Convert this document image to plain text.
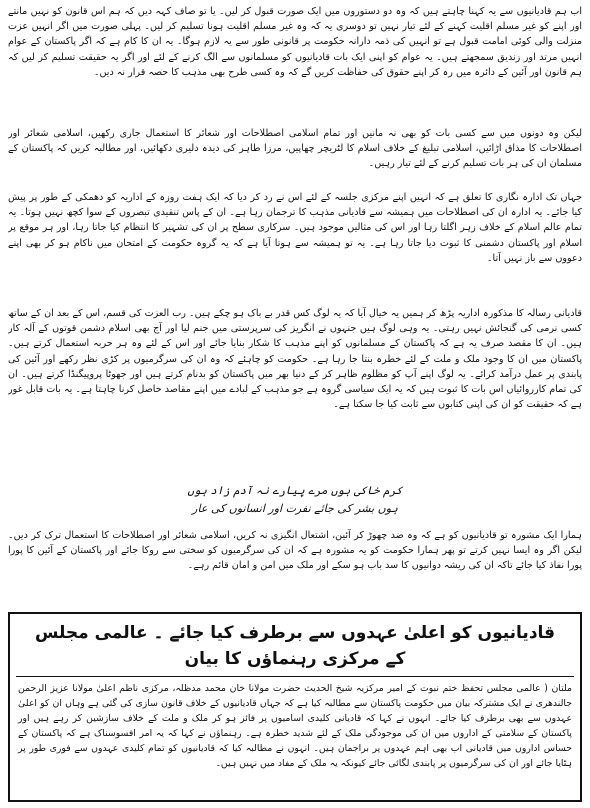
اب ہم قادیانیوں سے یہ کہنا چاہتے ہیں کہ وہ دو دستوروں میں ایک صورت قبول کر لیں۔ یا تو صاف کہہ دیں کہ ہم اس قانون کو نہیں مانتے اور اپنے کو غیر مسلم اقلیت کہنے کے لئے تیار نہیں تو دوسری یہ کہ وہ غیر مسلم اقلیت ہونا تسلیم کر لیں۔ پہلی صورت میں اگر انہیں عزت منزلت والی کوئی امامت قبول ہے تو انہیں کی ذمہ دارانہ حکومت پر قانونی طور سے یہ لازم ہوگا۔ یہ ان کا کام ہے کہ اگر پاکستان کے عوام انہیں مرتد اور زندیق سمجھتے ہیں۔ یہ عوام کو اپنی ایک بات قادیانیوں کو مسلمانوں سے الگ کرنے کے لئے اور اگر یہ حقیقت تسلیم کر لیں کہ ہم قانون اور آئین کے دائرہ میں رہ کر اپنے حقوق کی حفاظت کریں گے کہ وہ کسی طرح بھی مذہب کا حصہ قرار نہ دیں۔

لیکن وہ دونوں میں سے کسی بات کو بھی نہ مانیں اور تمام اسلامی اصطلاحات اور شعائر کا استعمال جاری رکھیں، اسلامی شعائر اور اصطلاحات کا مذاق اڑائیں، اسلامی تبلیغ کے خلاف اسلام کا لٹریچر چھاپیں، مرزا طاہر کی دیدہ دلیری دکھائیں، اور مطالبہ کریں کہ پاکستان کے مسلمان ان کی ہر بات تسلیم کرنے کے لئے تیار رہیں۔

جہاں تک ادارہ نگاری کا تعلق ہے کہ انہیں اپنے مرکزی جلسہ کے لئے اس نے رد کر دیا کہ ایک ہفت روزہ کے اداریہ کو دھمکی کے طور پر پیش کیا جائے۔ یہ ادارہ ان کی اصطلاحات میں ہمیشہ سے قادیانی مذہب کا ترجمان رہا ہے۔ ان کے پاس تنقیدی تبصروں کے سوا کچھ نہیں ہوتا۔ یہ تمام عالم اسلام کے خلاف زہر اگلتا رہا اور اس کی مثالیں موجود ہیں۔ سرکاری سطح پر ان کی تشہیر کا انتظام کیا جاتا رہا، اور ہر موقع پر اسلام اور پاکستان دشمنی کا ثبوت دیا جاتا رہا ہے۔ یہ تو ہمیشہ سے ہوتا آیا ہے کہ یہ گروہ حکومت کے امتحان میں ناکام ہو کر بھی اپنے دعووں سے باز نہیں آتا۔

قادیانی رسالہ کا مذکورہ اداریہ پڑھ کر ہمیں یہ خیال آیا کہ یہ لوگ کس قدر بے باک ہو چکے ہیں۔ رب العزت کی قسم، اس کے بعد ان کے ساتھ کسی نرمی کی گنجائش نہیں رہتی۔ یہ وہی لوگ ہیں جنہوں نے انگریز کی سرپرستی میں جنم لیا اور آج بھی اسلام دشمن قوتوں کے آلہ کار ہیں۔ ان کا مقصد صرف یہ ہے کہ پاکستان کے مسلمانوں کو اپنے مذہب کا شکار بنایا جائے اور اس کے لئے وہ ہر حربہ استعمال کرتے ہیں۔ پاکستان میں ان کا وجود ملک و ملت کے لئے خطرہ بنتا جا رہا ہے۔ حکومت کو چاہئے کہ وہ ان کی سرگرمیوں پر کڑی نظر رکھے اور آئین کی پابندی پر عمل درآمد کرائے۔ یہ لوگ اپنے آپ کو مظلوم ظاہر کر کے دنیا بھر میں پاکستان کو بدنام کرتے ہیں اور جھوٹا پروپیگنڈا کرتے ہیں۔ ان کی تمام کارروائیاں اس بات کا ثبوت ہیں کہ یہ ایک سیاسی گروہ ہے جو مذہب کے لبادے میں اپنے مقاصد حاصل کرنا چاہتا ہے۔ یہ بات قابل غور ہے کہ حقیقت کو ان کی اپنی کتابوں سے ثابت کیا جا سکتا ہے۔

کرم خاکی ہوں مرے پیارے نہ آدم زاد ہوں
ہوں بشر کی جائے نفرت اور انسانوں کی عار

ہمارا ایک مشورہ تو قادیانیوں کو ہے کہ وہ ضد چھوڑ کر آئین، اشتعال انگیزی نہ کریں، اسلامی شعائر اور اصطلاحات کا استعمال ترک کر دیں۔ لیکن اگر وہ ایسا نہیں کرتے تو پھر ہمارا حکومت کو یہ مشورہ ہے کہ ان کی سرگرمیوں کو سختی سے روکا جائے اور پاکستان کے آئین کا پورا پورا نفاذ کیا جائے تاکہ ان کی ریشہ دوانیوں کا سد باب ہو سکے اور ملک میں امن و امان قائم رہے۔

قادیانیوں کو اعلیٰ عہدوں سے برطرف کیا جائے ۔ عالمی مجلس کے مرکزی رہنماؤں کا بیان
ملتان ( عالمی مجلس تحفظ ختم نبوت کے امیر مرکزیہ شیخ الحدیث حضرت مولانا خان محمد مدظلہ، مرکزی ناظم اعلیٰ مولانا عزیز الرحمن جالندھری نے ایک مشترکہ بیان میں حکومت پاکستان سے مطالبہ کیا ہے کہ جہاں قادیانیوں کے خلاف قانون سازی کی گئی ہے وہاں ان کو اعلیٰ عہدوں سے بھی برطرف کیا جائے۔ انہوں نے کہا کہ قادیانی کلیدی اسامیوں پر فائز ہو کر ملک و ملت کے خلاف سازشیں کر رہے ہیں اور پاکستان کے سلامتی کے اداروں میں ان کی موجودگی ملک کے لئے شدید خطرہ ہے۔ رہنماؤں نے کہا کہ یہ امر افسوسناک ہے کہ پاکستان کے حساس اداروں میں قادیانی اب بھی اہم عہدوں پر براجمان ہیں۔ انہوں نے مطالبہ کیا کہ قادیانیوں کو تمام کلیدی عہدوں سے فوری طور پر ہٹایا جائے اور ان کی سرگرمیوں پر پابندی لگائی جائے کیونکہ یہ ملک کے مفاد میں نہیں ہیں۔
